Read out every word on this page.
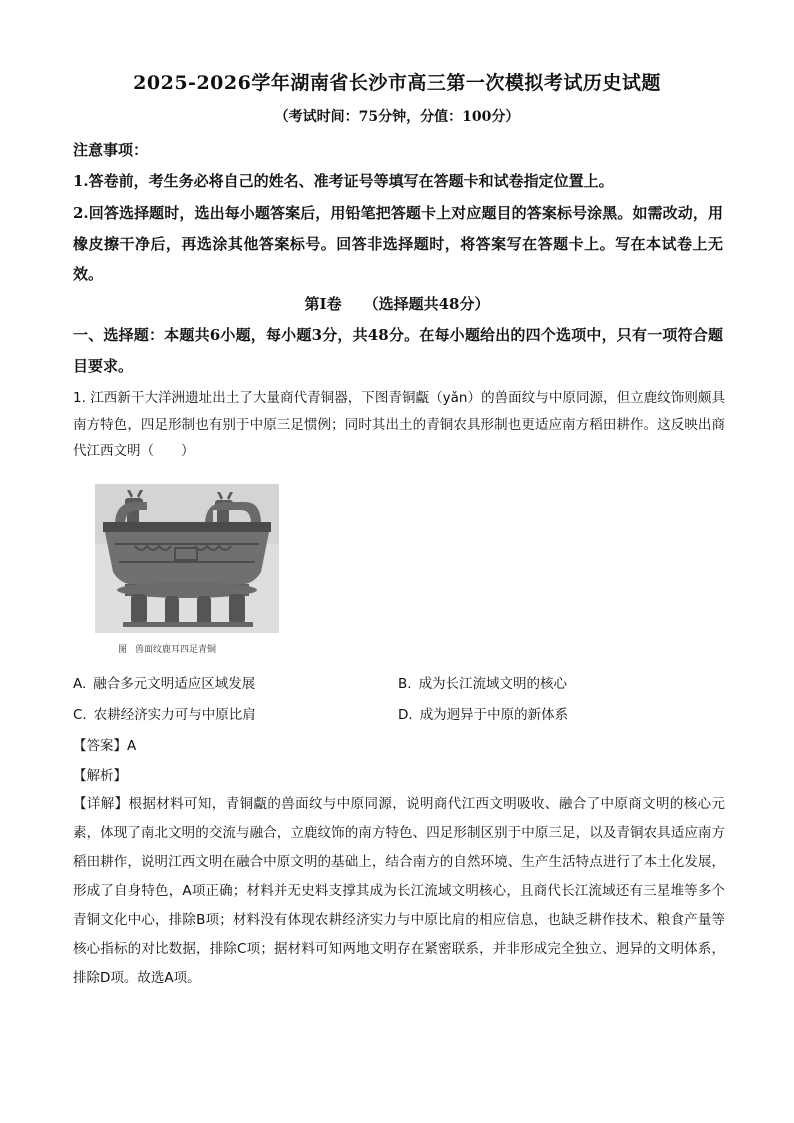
2025-2026学年湖南省长沙市高三第一次模拟考试历史试题
（考试时间：75分钟，分值：100分）
注意事项：
1.答卷前，考生务必将自己的姓名、准考证号等填写在答题卡和试卷指定位置上。
2.回答选择题时，选出每小题答案后，用铅笔把答题卡上对应题目的答案标号涂黑。如需改动，用橡皮擦干净后，再选涂其他答案标号。回答非选择题时，将答案写在答题卡上。写在本试卷上无效。
第Ⅰ卷 （选择题共48分）
一、选择题：本题共6小题，每小题3分，共48分。在每小题给出的四个选项中，只有一项符合题目要求。
1. 江西新干大洋洲遗址出土了大量商代青铜器，下图青铜甗（yǎn）的兽面纹与中原同源，但立鹿纹饰则颇具南方特色，四足形制也有别于中原三足惯例；同时其出土的青铜农具形制也更适应南方稻田耕作。这反映出商代江西文明（　　）
图 兽面纹鹿耳四足青铜
A. 融合多元文明适应区域发展	B. 成为长江流域文明的核心
C. 农耕经济实力可与中原比肩	D. 成为迥异于中原的新体系
【答案】A
【解析】
【详解】根据材料可知，青铜甗的兽面纹与中原同源，说明商代江西文明吸收、融合了中原商文明的核心元素，体现了南北文明的交流与融合，立鹿纹饰的南方特色、四足形制区别于中原三足，以及青铜农具适应南方稻田耕作，说明江西文明在融合中原文明的基础上，结合南方的自然环境、生产生活特点进行了本土化发展，形成了自身特色，A项正确；材料并无史料支撑其成为长江流域文明核心，且商代长江流域还有三星堆等多个青铜文化中心，排除B项；材料没有体现农耕经济实力与中原比肩的相应信息，也缺乏耕作技术、粮食产量等核心指标的对比数据，排除C项；据材料可知两地文明存在紧密联系，并非形成完全独立、迥异的文明体系，排除D项。故选A项。
